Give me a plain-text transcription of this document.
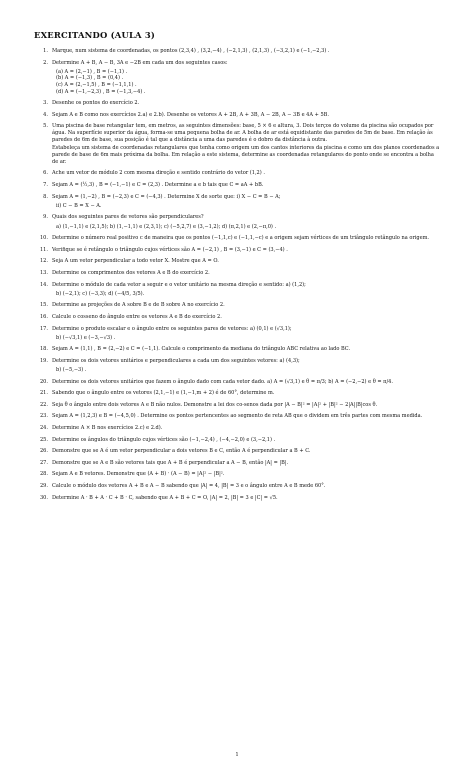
EXERCITANDO (AULA 3)
1. Marque, num sistema de coordenadas, os pontos (2,3,4) , (3,2,−4) , (−2,1,3) , (2,1,3) , (−3,2,1) e (−1,−2,3) .
2. Determine A + B, A − B, 3A e −2B em cada um dos seguintes casos:
(a) A = (2,−1) , B = (−1,1) .
(b) A = (−1,3) , B = (0,4) .
(c) A = (2,−1,5) , B = (−1,1,1) .
(d) A = (−1,−2,3) , B = (−1,3,−4) .
3. Desenhe os pontos do exercício 2.
4. Sejam A e B como nos exercícios 2.a) e 2.b). Desenhe os vetores A + 2B, A + 3B, A − 2B, A − 3B e 4A + 5B.
5. Uma piscina de base retangular tem, em metros, as seguintes dimensões: base, 5 × 6 e altura, 3. Dois terços do volume da piscina são ocupados por água. Na superfície superior da água, forma-se uma pequena bolha de ar. A bolha de ar está equidistante das paredes de 5m de base. Em relação às paredes de 6m de base, sua posição é tal que a distância a uma das paredes é o dobro da distância à outra.
Estabeleça um sistema de coordenadas retangulares que tenha como origem um dos cantos interiores da piscina e como um dos planos coordenados a parede de base de 6m mais próxima da bolha. Em relação a este sistema, determine as coordenadas retangulares do ponto onde se encontra a bolha de ar.
6. Ache um vetor de módulo 2 com mesma direção e sentido contrário do vetor (1,2) .
7. Sejam A = (½,3) , B = (−1,−1) e C = (2,3) . Determine a e b tais que C = aA + bB.
8. Sejam A = (1,−2) , B = (−2,3) e C = (−4,3) . Determine X de sorte que: i) X − C = B − A;
ii) C − B = X − A.
9. Quais dos seguintes pares de vetores são perpendiculares?
a) (1,−1,1) e (2,1,5); b) (1,−1,1) e (2,3,1); c) (−5,2,7) e (3,−1,2); d) (π,2,1) e (2,−π,0) .
10. Determine o número real positivo c de maneira que os pontos (−1,1,c) e (−1,1,−c) e a origem sejam vértices de um triângulo retângulo na origem.
11. Verifique se é retângulo o triângulo cujos vértices são A = (−2,1) , B = (3,−1) e C = (3,−4) .
12. Seja A um vetor perpendicular a todo vetor X. Mostre que A = O.
13. Determine os comprimentos dos vetores A e B do exercício 2.
14. Determine o módulo de cada vetor a seguir e o vetor unitário na mesma direção e sentido: a) (1,2);
b) (−2,1); c) (−3,3); d) (−4/5, 3/5).
15. Determine as projeções de A sobre B e de B sobre A no exercício 2.
16. Calcule o cosseno do ângulo entre os vetores A e B do exercício 2.
17. Determine o produto escalar e o ângulo entre os seguintes pares de vetores: a) (0,1) e (√3,1);
b) (−√3,1) e (−3,−√3) .
18. Sejam A = (1,1) , B = (2,−2) e C = (−1,1). Calcule o comprimento da mediana do triângulo ABC relativa ao lado BC.
19. Determine os dois vetores unitários e perpendiculares a cada um dos seguintes vetores: a) (4,3);
b) (−5,−3) .
20. Determine os dois vetores unitários que fazem o ângulo dado com cada vetor dado. a) A = (√3,1) e θ = π/3; b) A = (−2,−2) e θ = π/4.
21. Sabendo que o ângulo entre os vetores (2,1,−1) e (1,−1,m + 2) é de 60°, determine m.
22. Seja θ o ângulo entre dois vetores A e B não nulos. Demonstre a lei dos co-senos dada por |A − B|² = |A|² + |B|² − 2|A||B|cos θ.
23. Sejam A = (1,2,3) e B = (−4,5,0) . Determine os pontos pertencentes ao segmento de reta AB que o dividem em três partes com mesma medida.
24. Determine A × B nos exercícios 2.c) e 2.d).
25. Determine os ângulos do triângulo cujos vértices são (−1,−2,4) , (−4,−2,0) e (3,−2,1) .
26. Demonstre que se A é um vetor perpendicular a dois vetores B e C, então A é perpendicular a B + C.
27. Demonstre que se A e B são vetores tais que A + B é perpendicular a A − B, então |A| = |B|.
28. Sejam A e B vetores. Demonstre que (A + B) · (A − B) = |A|² − |B|².
29. Calcule o módulo dos vetores A + B e A − B sabendo que |A| = 4, |B| = 3 e o ângulo entre A e B mede 60°.
30. Determine A · B + A · C + B · C, sabendo que A + B + C = O, |A| = 2, |B| = 3 e |C| = √5.
1
